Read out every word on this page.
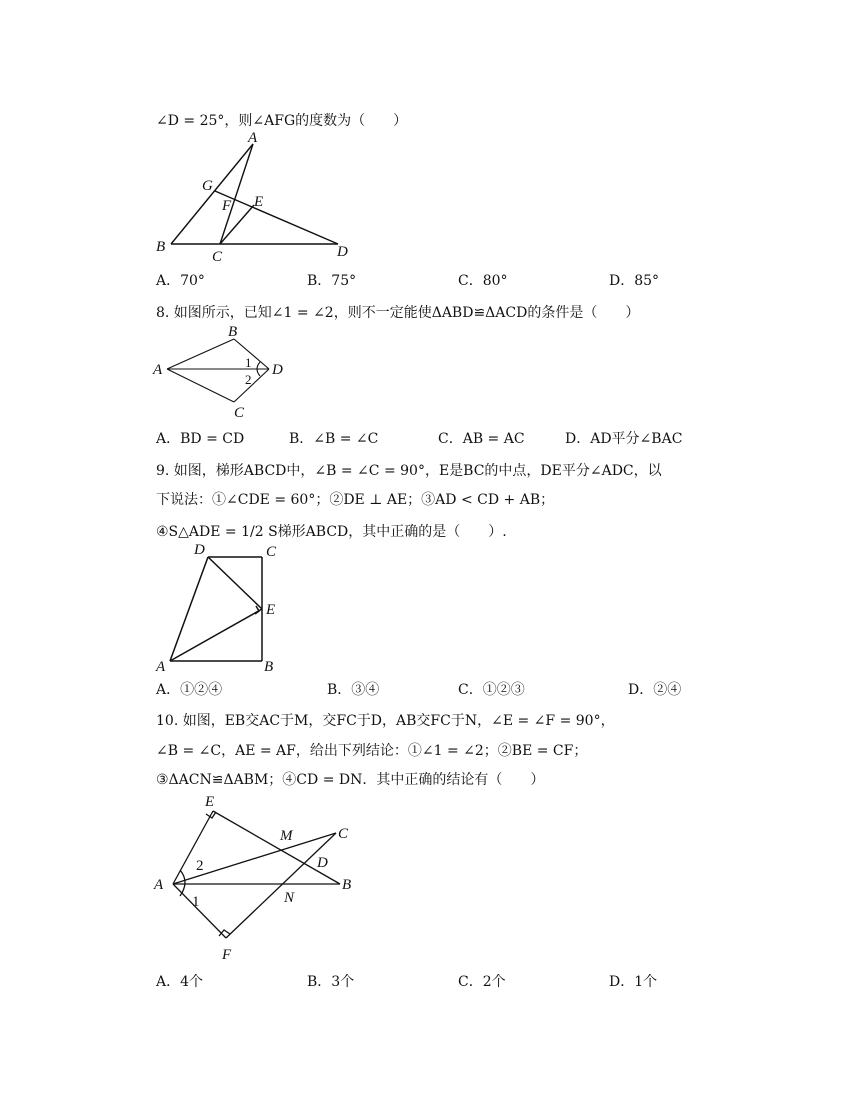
∠D = 25°，则∠AFG的度数为（　　）
A
G
E
F
B
C	D
A．70°	B．75°	C．80°	D．85°
8. 如图所示，已知∠1 = ∠2，则不一定能使ΔABD≌ΔACD的条件是（　　）
B
A	D
C
1
2
A．BD = CD	B．∠B = ∠C	C．AB = AC	D．AD平分∠BAC
9. 如图，梯形ABCD中，∠B = ∠C = 90°，E是BC的中点，DE平分∠ADC，以
下说法：①∠CDE = 60°；②DE ⊥ AE；③AD < CD + AB；
④S△ADE = 1/2 S梯形ABCD，其中正确的是（　　）.
D	C
E
A	B
A．①②④	B．③④	C．①②③	D．②④
10. 如图，EB交AC于M，交FC于D，AB交FC于N，∠E = ∠F = 90°，
∠B = ∠C，AE = AF，给出下列结论：①∠1 = ∠2；②BE = CF；
③ΔACN≌ΔABM；④CD = DN．其中正确的结论有（　　）
E
M	C
D
A	B
N
F
2
1
A．4个	B．3个	C．2个	D．1个
